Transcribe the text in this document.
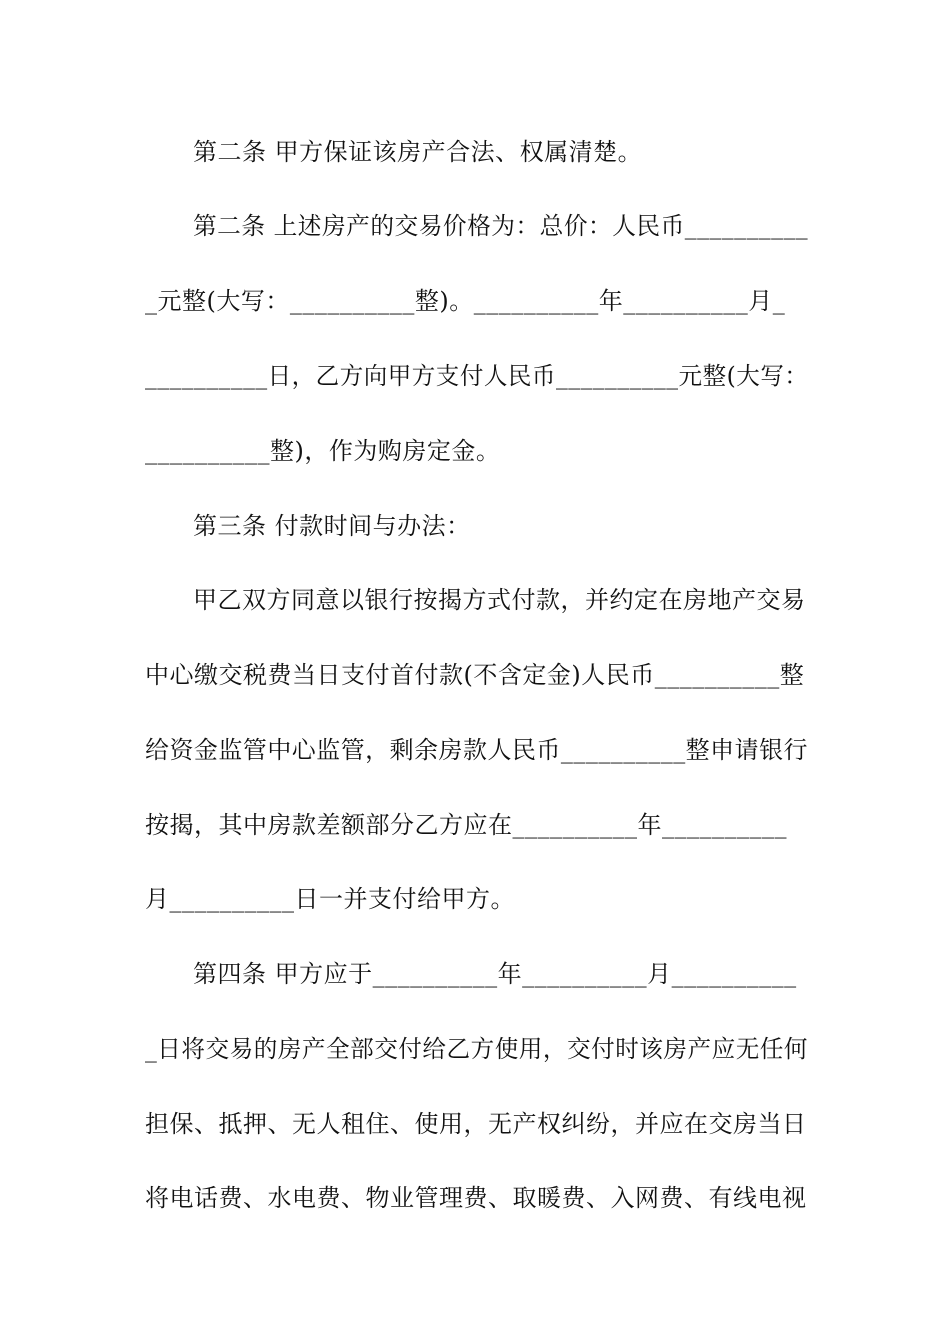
第二条 甲方保证该房产合法、权属清楚。
第二条 上述房产的交易价格为：总价：人民币__________
_元整(大写：__________整)。__________年__________月_
__________日，乙方向甲方支付人民币__________元整(大写：
__________整)，作为购房定金。
第三条 付款时间与办法：
甲乙双方同意以银行按揭方式付款，并约定在房地产交易
中心缴交税费当日支付首付款(不含定金)人民币__________整
给资金监管中心监管，剩余房款人民币__________整申请银行
按揭，其中房款差额部分乙方应在__________年__________
月__________日一并支付给甲方。
第四条 甲方应于__________年__________月__________
_日将交易的房产全部交付给乙方使用，交付时该房产应无任何
担保、抵押、无人租住、使用，无产权纠纷，并应在交房当日
将电话费、水电费、物业管理费、取暖费、入网费、有线电视
